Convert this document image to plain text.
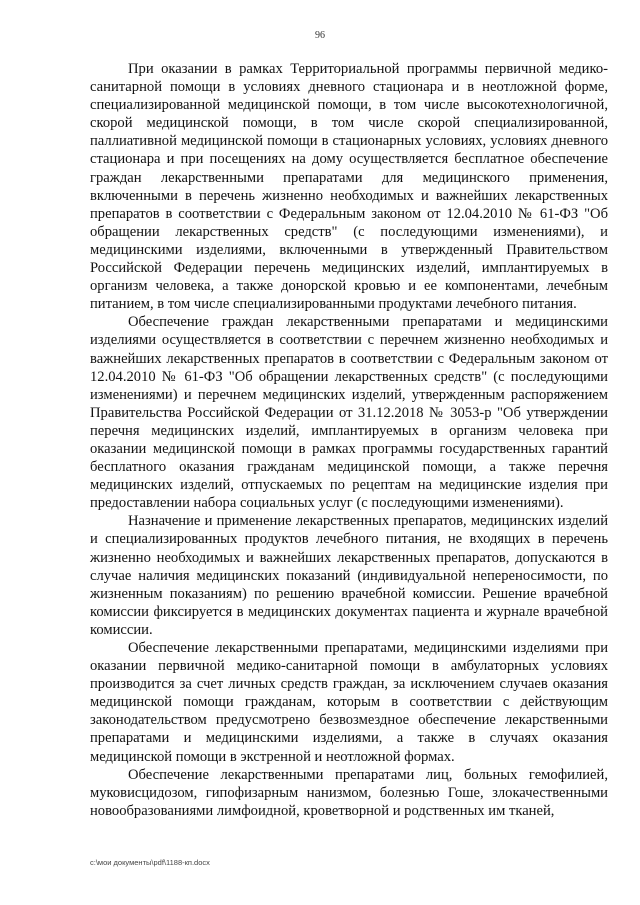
96

При оказании в рамках Территориальной программы первичной медико-санитарной помощи в условиях дневного стационара и в неотложной форме, специализированной медицинской помощи, в том числе высокотехнологичной, скорой медицинской помощи, в том числе скорой специализированной, паллиативной медицинской помощи в стационарных условиях, условиях дневного стационара и при посещениях на дому осуществляется бесплатное обеспечение граждан лекарственными препаратами для медицинского применения, включенными в перечень жизненно необходимых и важнейших лекарственных препаратов в соответствии с Федеральным законом от 12.04.2010 № 61-ФЗ "Об обращении лекарственных средств" (с последующими изменениями), и медицинскими изделиями, включенными в утвержденный Правительством Российской Федерации перечень медицинских изделий, имплантируемых в организм человека, а также донорской кровью и ее компонентами, лечебным питанием, в том числе специализированными продуктами лечебного питания.

Обеспечение граждан лекарственными препаратами и медицинскими изделиями осуществляется в соответствии с перечнем жизненно необходимых и важнейших лекарственных препаратов в соответствии с Федеральным законом от 12.04.2010 № 61-ФЗ "Об обращении лекарственных средств" (с последующими изменениями) и перечнем медицинских изделий, утвержденным распоряжением Правительства Российской Федерации от 31.12.2018 № 3053-р "Об утверждении перечня медицинских изделий, имплантируемых в организм человека при оказании медицинской помощи в рамках программы государственных гарантий бесплатного оказания гражданам медицинской помощи, а также перечня медицинских изделий, отпускаемых по рецептам на медицинские изделия при предоставлении набора социальных услуг (с последующими изменениями).

Назначение и применение лекарственных препаратов, медицинских изделий и специализированных продуктов лечебного питания, не входящих в перечень жизненно необходимых и важнейших лекарственных препаратов, допускаются в случае наличия медицинских показаний (индивидуальной непереносимости, по жизненным показаниям) по решению врачебной комиссии. Решение врачебной комиссии фиксируется в медицинских документах пациента и журнале врачебной комиссии.

Обеспечение лекарственными препаратами, медицинскими изделиями при оказании первичной медико-санитарной помощи в амбулаторных условиях производится за счет личных средств граждан, за исключением случаев оказания медицинской помощи гражданам, которым в соответствии с действующим законодательством предусмотрено безвозмездное обеспечение лекарственными препаратами и медицинскими изделиями, а также в случаях оказания медицинской помощи в экстренной и неотложной формах.

Обеспечение лекарственными препаратами лиц, больных гемофилией, муковисцидозом, гипофизарным нанизмом, болезнью Гоше, злокачественными новообразованиями лимфоидной, кроветворной и родственных им тканей,

c:\мои документы\pdf\1188-кп.docx
